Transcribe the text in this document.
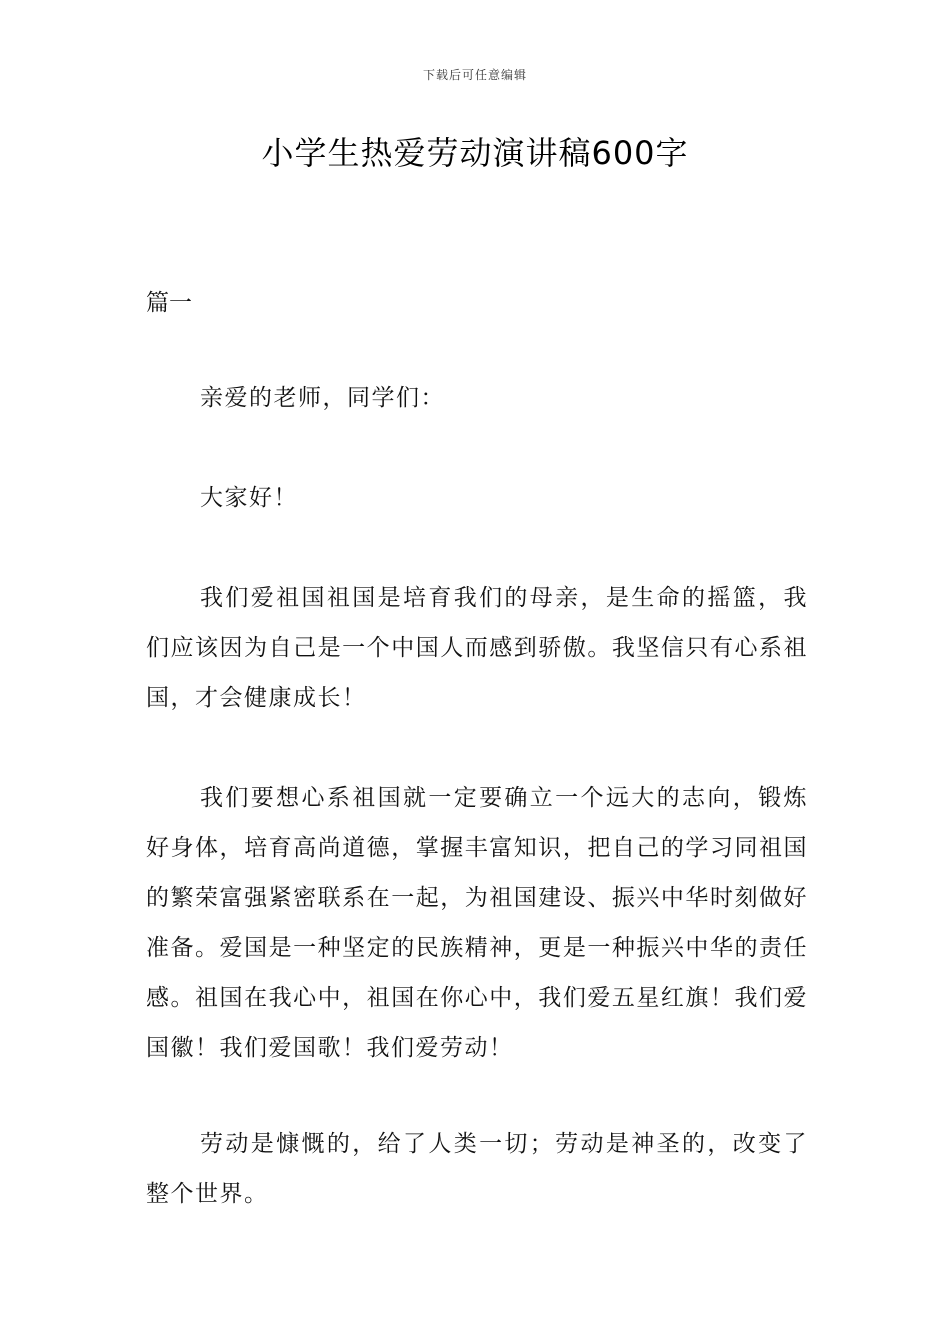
下载后可任意编辑
小学生热爱劳动演讲稿600字

篇一

亲爱的老师，同学们：

大家好！

我们爱祖国祖国是培育我们的母亲，是生命的摇篮，我们应该因为自己是一个中国人而感到骄傲。我坚信只有心系祖国，才会健康成长！

我们要想心系祖国就一定要确立一个远大的志向，锻炼好身体，培育高尚道德，掌握丰富知识，把自己的学习同祖国的繁荣富强紧密联系在一起，为祖国建设、振兴中华时刻做好准备。爱国是一种坚定的民族精神，更是一种振兴中华的责任感。祖国在我心中，祖国在你心中，我们爱五星红旗！我们爱国徽！我们爱国歌！我们爱劳动！

劳动是慷慨的，给了人类一切；劳动是神圣的，改变了整个世界。
